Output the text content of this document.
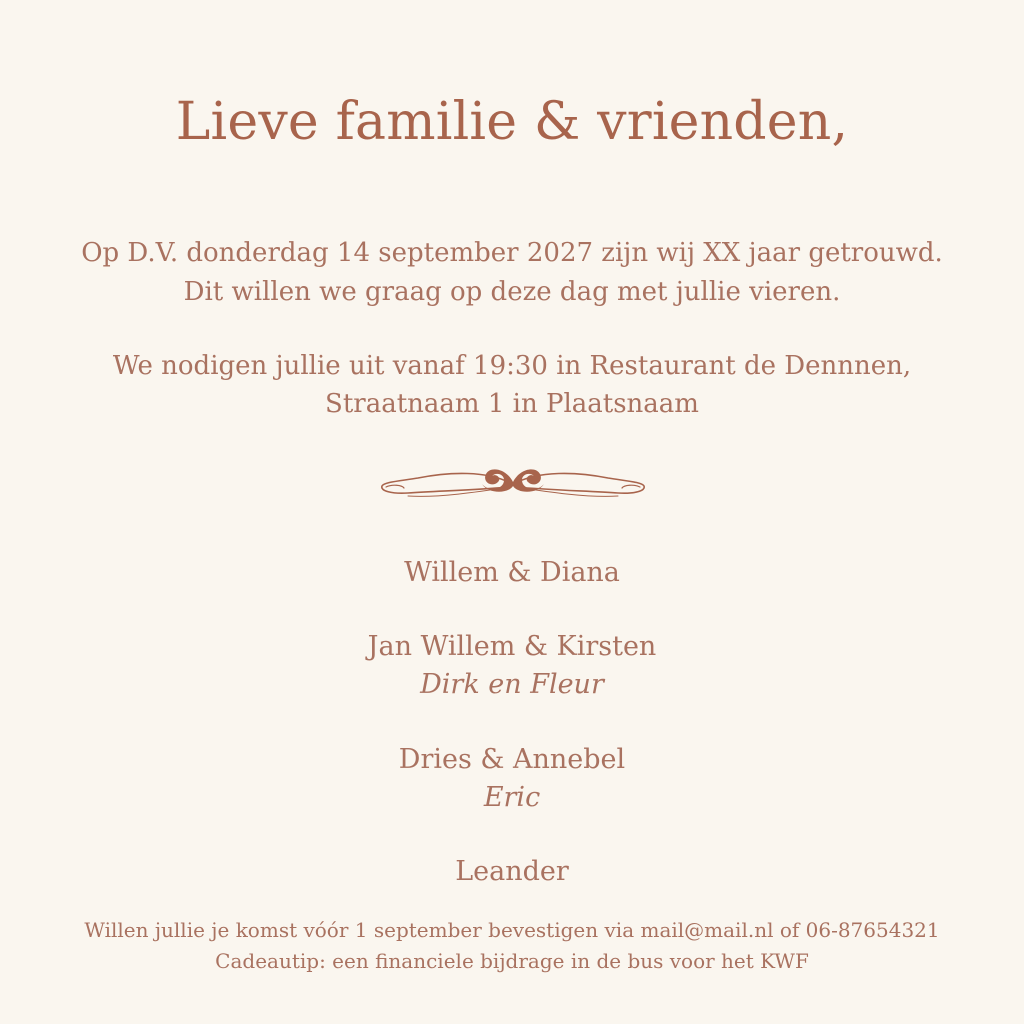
Lieve familie & vrienden,
Op D.V. donderdag 14 september 2027 zijn wij XX jaar getrouwd.
Dit willen we graag op deze dag met jullie vieren.
We nodigen jullie uit vanaf 19:30 in Restaurant de Dennnen,
Straatnaam 1 in Plaatsnaam
Willem & Diana
Jan Willem & Kirsten
Dirk en Fleur
Dries & Annebel
Eric
Leander
Willen jullie je komst vóór 1 september bevestigen via mail@mail.nl of 06-87654321
Cadeautip: een financiele bijdrage in de bus voor het KWF
